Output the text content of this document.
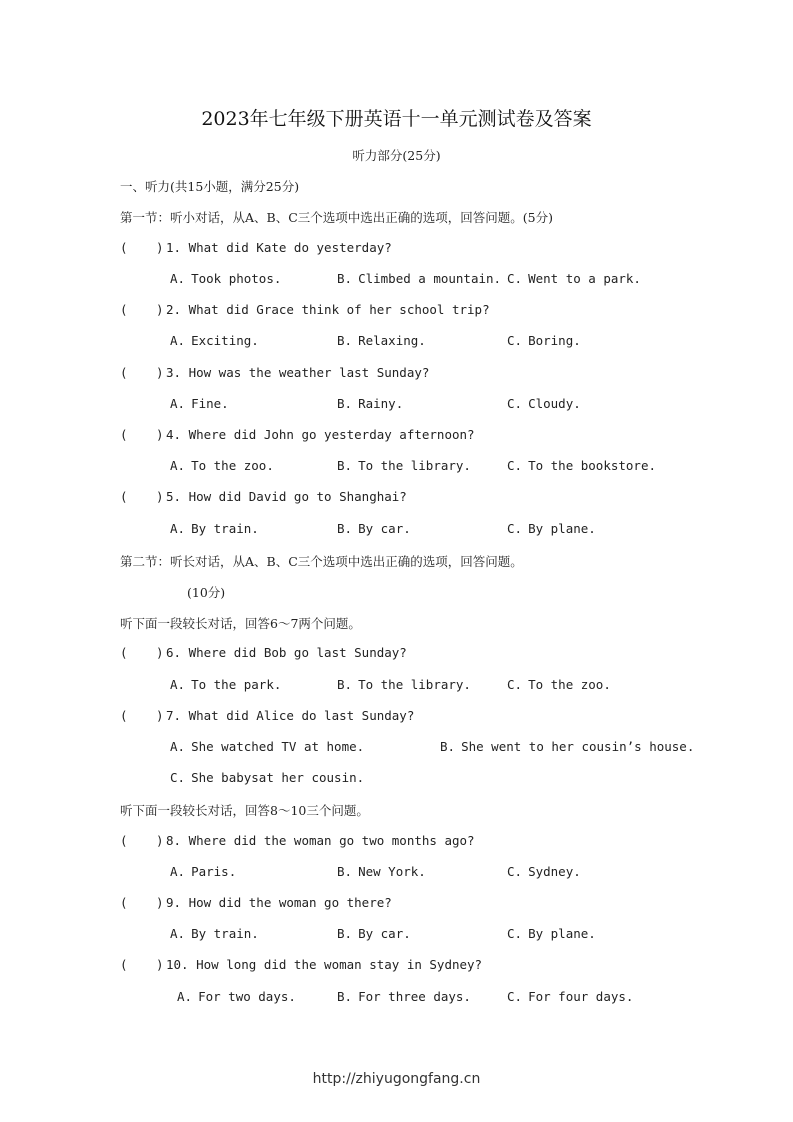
2023年七年级下册英语十一单元测试卷及答案
听力部分(25分)
一、听力(共15小题，满分25分)
第一节：听小对话，从A、B、C三个选项中选出正确的选项，回答问题。(5分)
( ) 1. What did Kate do yesterday?
A. Took photos.	B. Climbed a mountain. C. Went to a park.
( ) 2. What did Grace think of her school trip?
A. Exciting.	B. Relaxing.	C. Boring.
( ) 3. How was the weather last Sunday?
A. Fine.	B. Rainy.	C. Cloudy.
( ) 4. Where did John go yesterday afternoon?
A. To the zoo.	B. To the library.	C. To the bookstore.
( ) 5. How did David go to Shanghai?
A. By train.	B. By car.	C. By plane.
第二节：听长对话，从A、B、C三个选项中选出正确的选项，回答问题。
(10分)
听下面一段较长对话，回答6～7两个问题。
( ) 6. Where did Bob go last Sunday?
A. To the park.	B. To the library.	C. To the zoo.
( ) 7. What did Alice do last Sunday?
A. She watched TV at home.	B. She went to her cousin’s house.
C. She babysat her cousin.
听下面一段较长对话，回答8～10三个问题。
( ) 8. Where did the woman go two months ago?
A. Paris.	B. New York.	C. Sydney.
( ) 9. How did the woman go there?
A. By train.	B. By car.	C. By plane.
( ) 10. How long did the woman stay in Sydney?
A. For two days.	B. For three days.	C. For four days.
http://zhiyugongfang.cn
